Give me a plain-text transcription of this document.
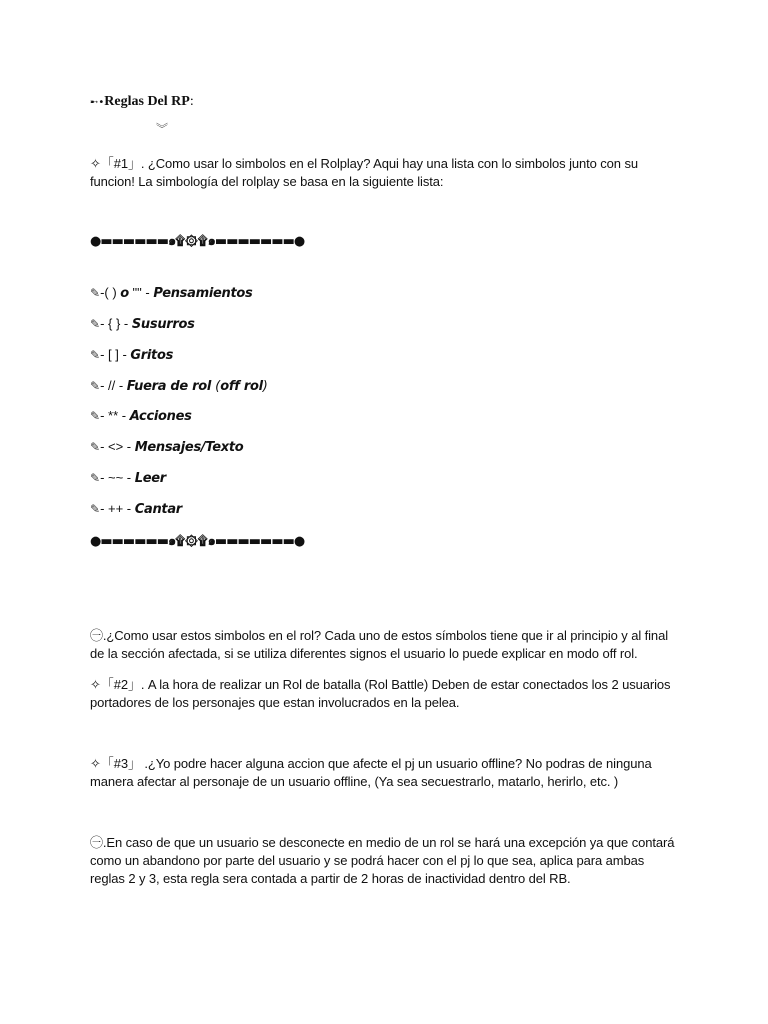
➸•Reglas Del RP:
︾
✧「#1」. ¿Como usar lo simbolos en el Rolplay? Aqui hay una lista con lo simbolos junto con su funcion! La simbología del rolplay se basa en la siguiente lista:
●▬▬▬▬▬▬๑۩۞۩๑▬▬▬▬▬▬▬●
✎-( ) o "" - Pensamientos
✎- { } - Susurros
✎- [ ] - Gritos
✎- // - Fuera de rol (off rol)
✎- ** - Acciones
✎- <> - Mensajes/Texto
✎- ~~ - Leer
✎- ++ - Cantar
●▬▬▬▬▬▬๑۩۞۩๑▬▬▬▬▬▬▬●
㊀.¿Como usar estos simbolos en el rol? Cada uno de estos símbolos tiene que ir al principio y al final de la sección afectada, si se utiliza diferentes signos el usuario lo puede explicar en modo off rol.
✧「#2」. A la hora de realizar un Rol de batalla (Rol Battle) Deben de estar conectados los 2 usuarios portadores de los personajes que estan involucrados en la pelea.
✧「#3」 .¿Yo podre hacer alguna accion que afecte el pj un usuario offline? No podras de ninguna manera afectar al personaje de un usuario offline, (Ya sea secuestrarlo, matarlo, herirlo, etc. )
㊀.En caso de que un usuario se desconecte en medio de un rol se hará una excepción ya que contará como un abandono por parte del usuario y se podrá hacer con el pj lo que sea, aplica para ambas reglas 2 y 3, esta regla sera contada a partir de 2 horas de inactividad dentro del RB.
